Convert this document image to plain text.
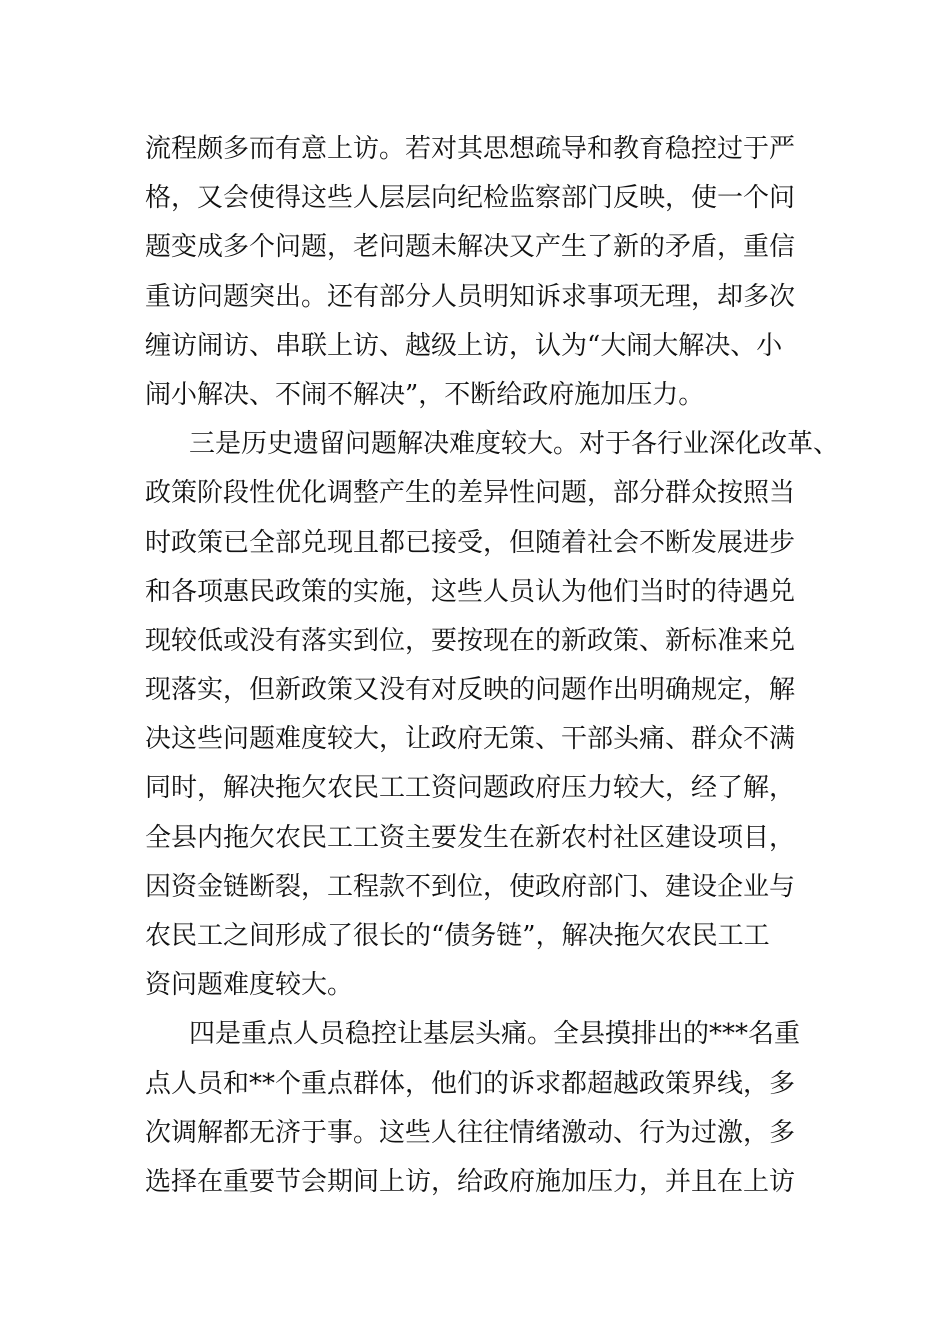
流程颇多而有意上访。若对其思想疏导和教育稳控过于严
格，又会使得这些人层层向纪检监察部门反映，使一个问
题变成多个问题，老问题未解决又产生了新的矛盾，重信
重访问题突出。还有部分人员明知诉求事项无理，却多次
缠访闹访、串联上访、越级上访，认为“大闹大解决、小
闹小解决、不闹不解决”，不断给政府施加压力。
三是历史遗留问题解决难度较大。对于各行业深化改革、
政策阶段性优化调整产生的差异性问题，部分群众按照当
时政策已全部兑现且都已接受，但随着社会不断发展进步
和各项惠民政策的实施，这些人员认为他们当时的待遇兑
现较低或没有落实到位，要按现在的新政策、新标准来兑
现落实，但新政策又没有对反映的问题作出明确规定，解
决这些问题难度较大，让政府无策、干部头痛、群众不满
同时，解决拖欠农民工工资问题政府压力较大，经了解，
全县内拖欠农民工工资主要发生在新农村社区建设项目，
因资金链断裂，工程款不到位，使政府部门、建设企业与
农民工之间形成了很长的“债务链”，解决拖欠农民工工
资问题难度较大。
四是重点人员稳控让基层头痛。全县摸排出的***名重
点人员和**个重点群体，他们的诉求都超越政策界线，多
次调解都无济于事。这些人往往情绪激动、行为过激，多
选择在重要节会期间上访，给政府施加压力，并且在上访
